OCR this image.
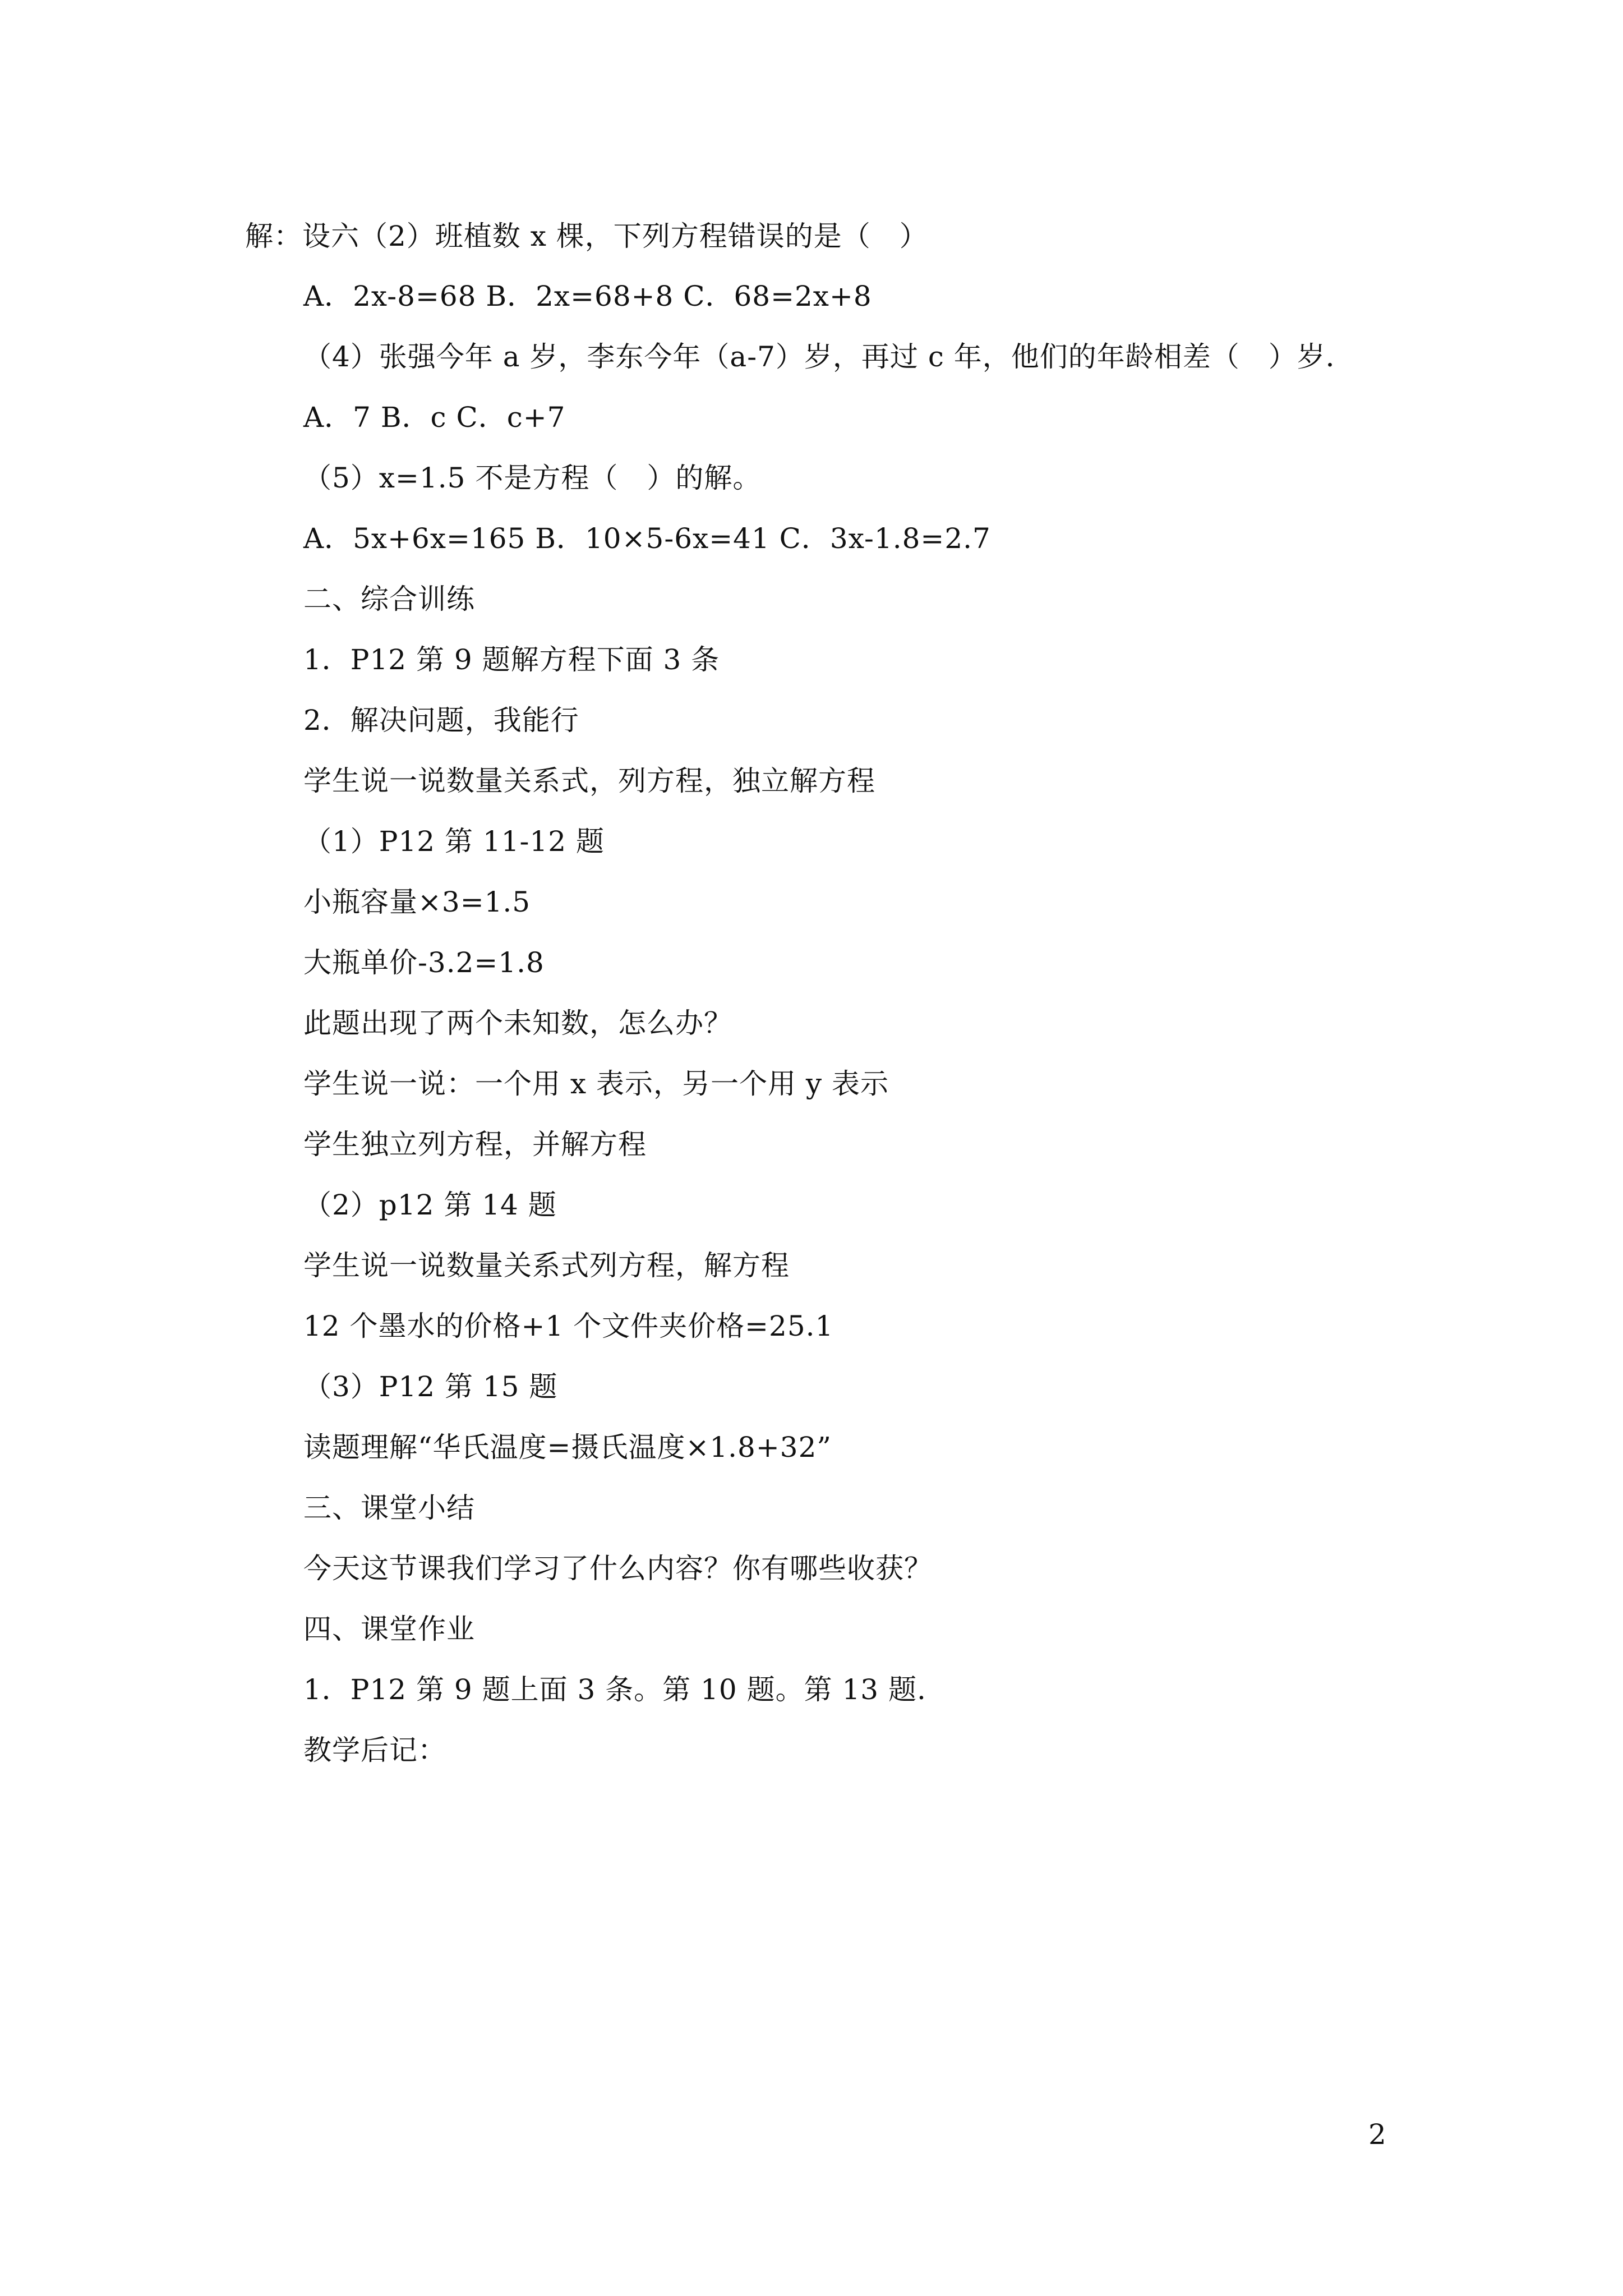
解：设六（2）班植数 x 棵，下列方程错误的是（　）
A．2x-8=68 B．2x=68+8 C．68=2x+8
（4）张强今年 a 岁，李东今年（a-7）岁，再过 c 年，他们的年龄相差（　）岁．
A．7 B．c C．c+7
（5）x=1.5 不是方程（　）的解。
A．5x+6x=165 B．10×5-6x=41 C．3x-1.8=2.7
二、综合训练
1．P12 第 9 题解方程下面 3 条
2．解决问题，我能行
学生说一说数量关系式，列方程，独立解方程
（1）P12 第 11-12 题
小瓶容量×3=1.5
大瓶单价-3.2=1.8
此题出现了两个未知数，怎么办？
学生说一说：一个用 x 表示，另一个用 y 表示
学生独立列方程，并解方程
（2）p12 第 14 题
学生说一说数量关系式列方程，解方程
12 个墨水的价格+1 个文件夹价格=25.1
（3）P12 第 15 题
读题理解“华氏温度=摄氏温度×1.8+32”
三、课堂小结
今天这节课我们学习了什么内容？你有哪些收获？
四、课堂作业
1．P12 第 9 题上面 3 条。第 10 题。第 13 题.
教学后记：
2
